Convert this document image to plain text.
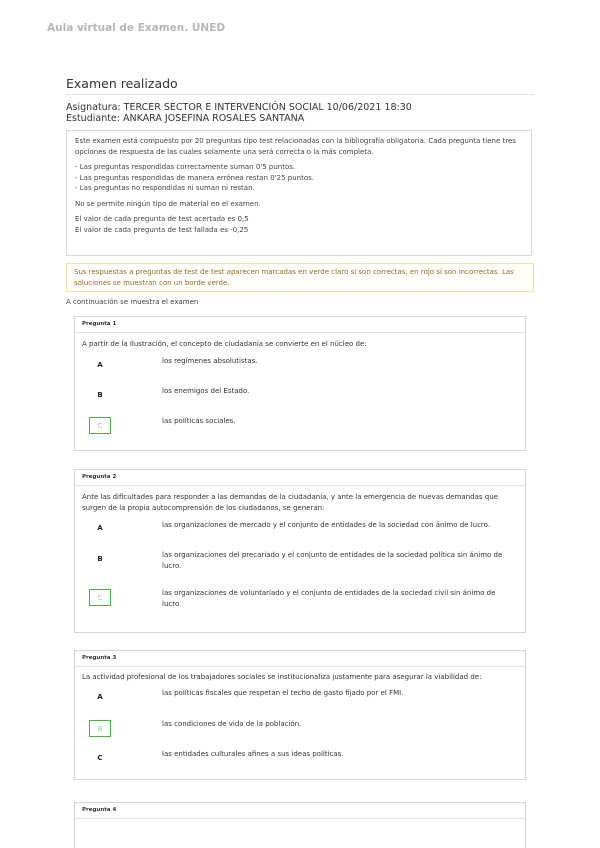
Aula virtual de Examen. UNED
Examen realizado
Asignatura: TERCER SECTOR E INTERVENCIÓN SOCIAL 10/06/2021 18:30
Estudiante: ANKARA JOSEFINA ROSALES SANTANA

Este examen está compuesto por 20 preguntas tipo test relacionadas con la bibliografía obligatoria. Cada pregunta tiene tres opciones de respuesta de las cuales solamente una será correcta o la más completa.

- Las preguntas respondidas correctamente suman 0'5 puntos.

- Las preguntas respondidas de manera errónea restan 0'25 puntos.

- Las preguntas no respondidas ni suman ni restan.

No se permite ningún tipo de material en el examen.

El valor de cada pregunta de test acertada es 0,5

El valor de cada pregunta de test fallada es -0,25

Sus respuestas a preguntas de test de test aparecen marcadas en verde claro si son correctas, en rojo si son incorrectas. Las soluciones se muestran con un borde verde.
A continuación se muestra el examen
Pregunta 1
A partir de la Ilustración, el concepto de ciudadanía se convierte en el núcleo de:
A	los regímenes absolutistas.
B	los enemigos del Estado.
C
las políticas sociales.
Pregunta 2
Ante las dificultades para responder a las demandas de la ciudadanía, y ante la emergencia de nuevas demandas que surgen de la propia autocomprensión de los ciudadanos, se generan:
A	las organizaciones de mercado y el conjunto de entidades de la sociedad con ánimo de lucro.
B	las organizaciones del precariado y el conjunto de entidades de la sociedad política sin ánimo de lucro.
C
las organizaciones de voluntariado y el conjunto de entidades de la sociedad civil sin ánimo de lucro.
Pregunta 3
La actividad profesional de los trabajadores sociales se institucionaliza justamente para asegurar la viabilidad de:
A	las políticas fiscales que respetan el techo de gasto fijado por el FMI.
B
las condiciones de vida de la población.
C	las entidades culturales afines a sus ideas políticas.
Pregunta 4
